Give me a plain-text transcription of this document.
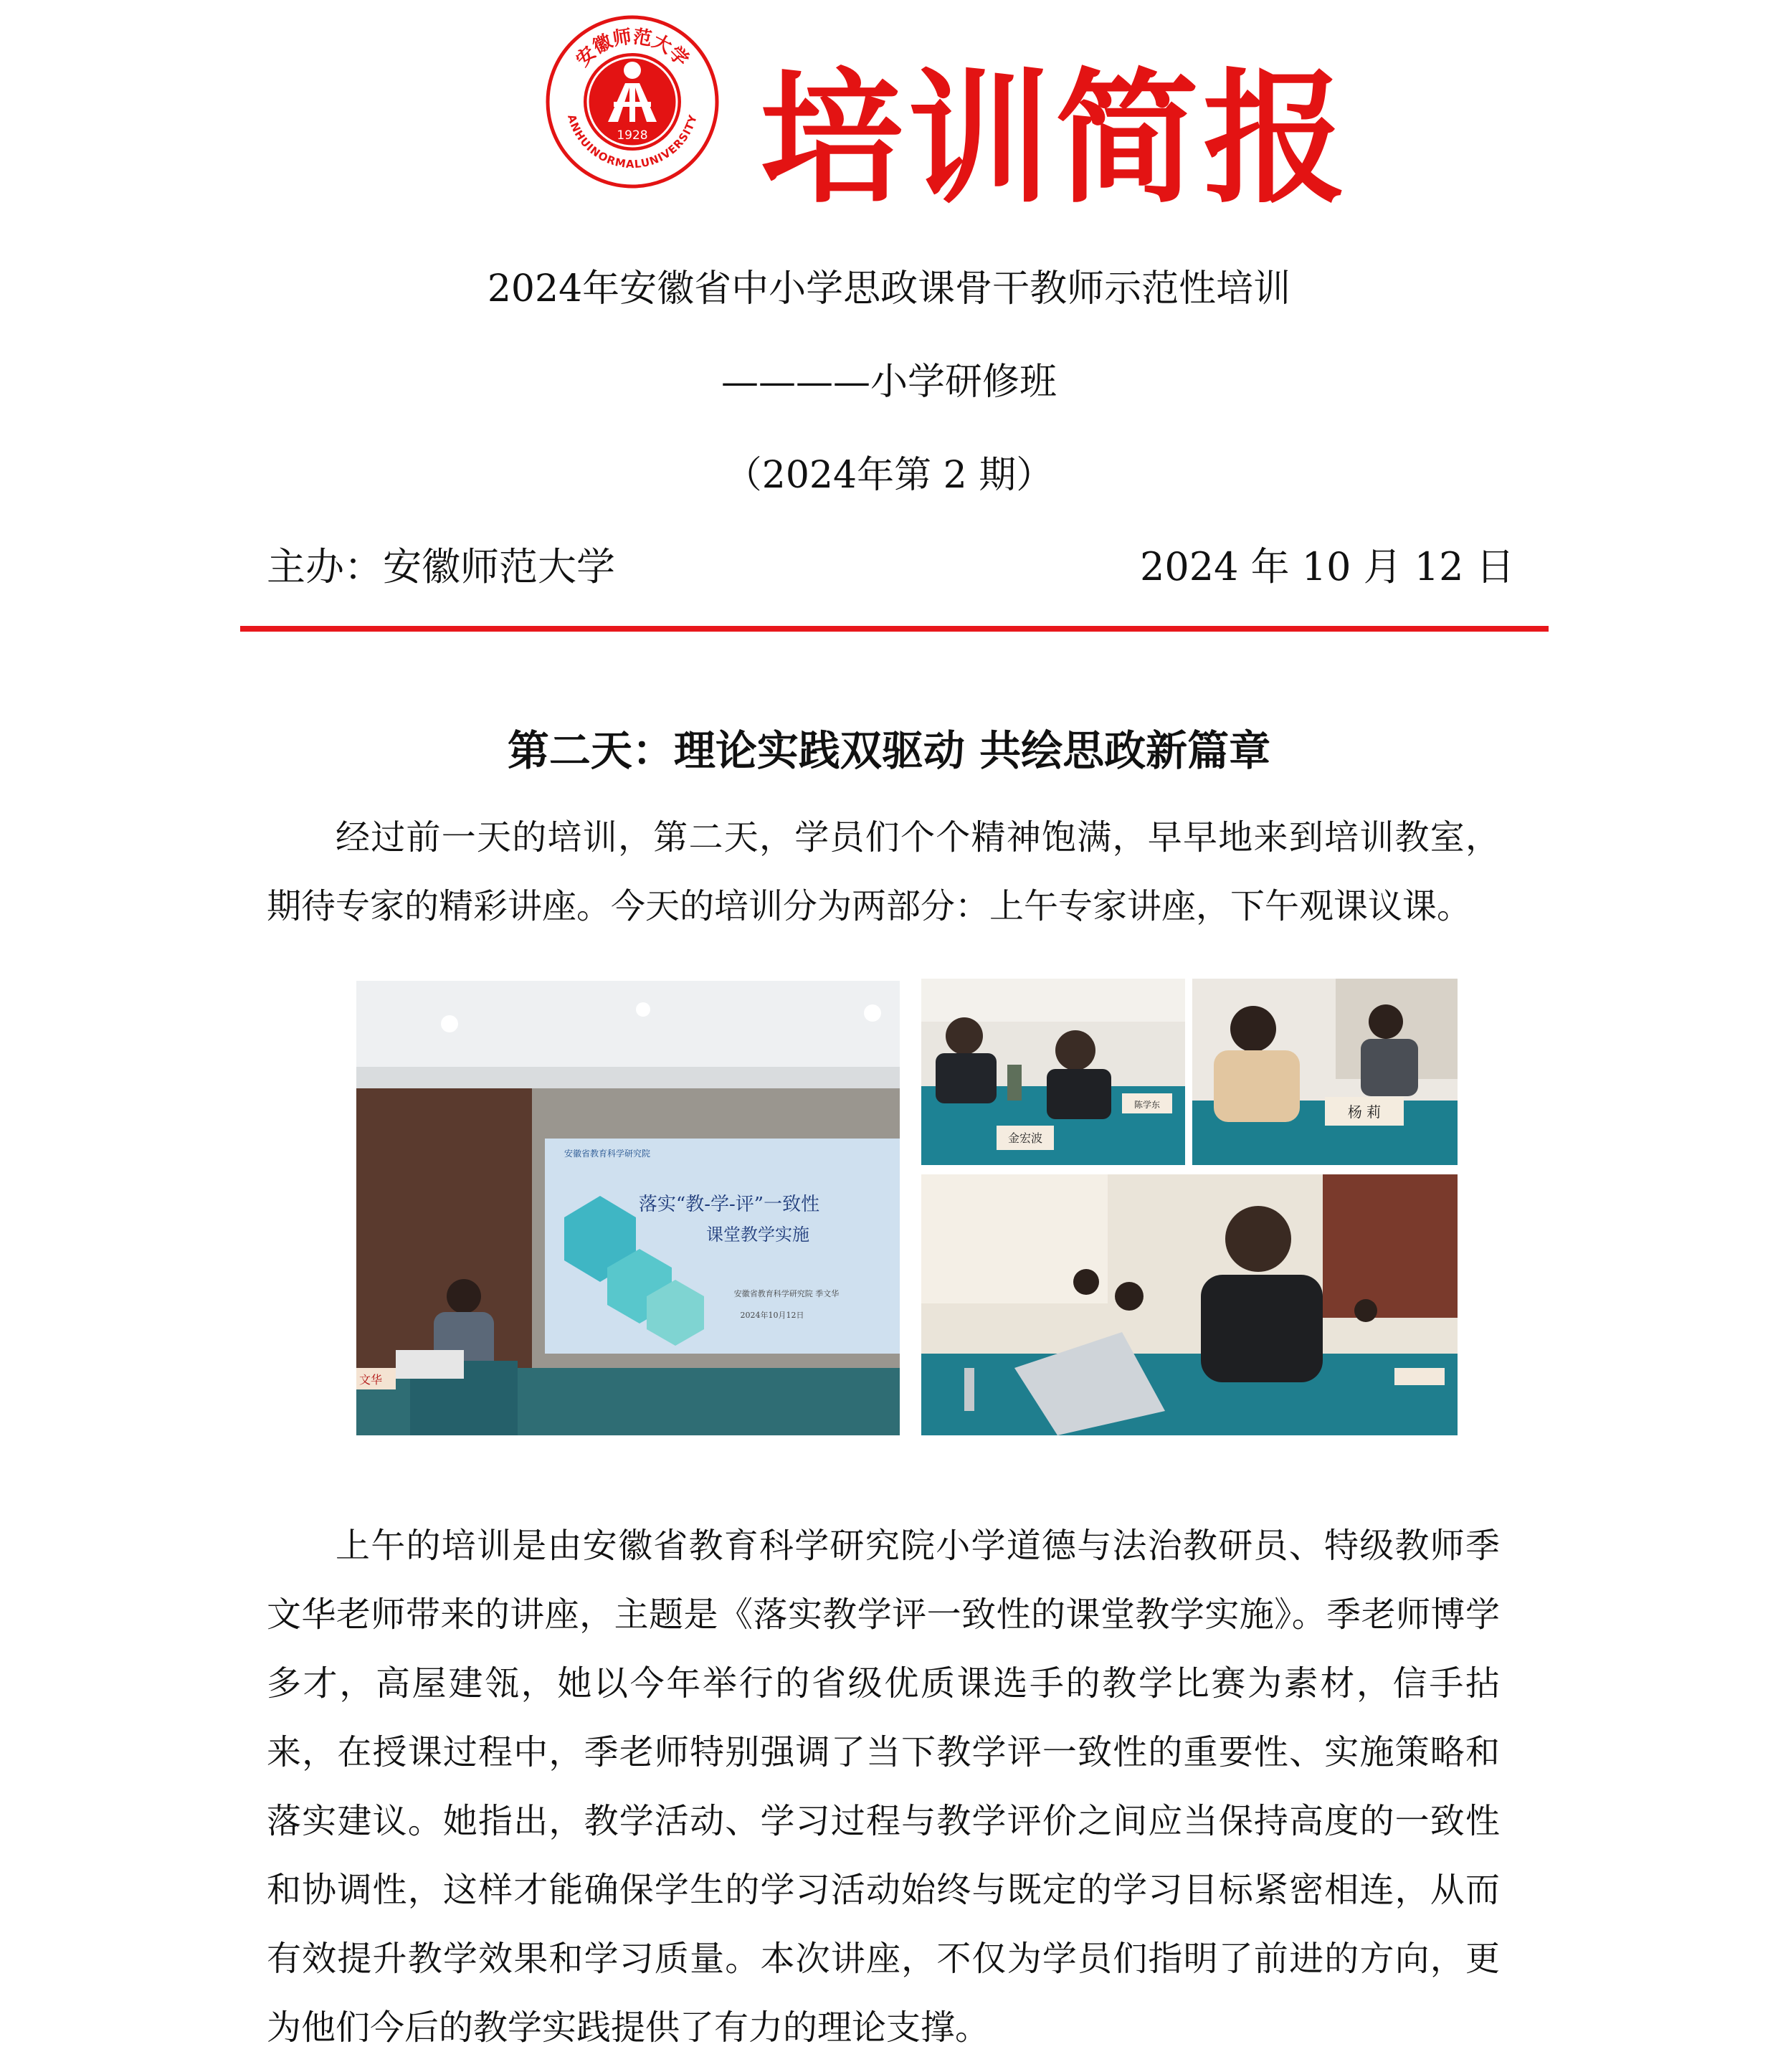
1928
安徽师范大学
ANHUINORMALUNIVERSITY 培训简报
2024年安徽省中小学思政课骨干教师示范性培训
————小学研修班
（2024年第 2 期）
主办：安徽师范大学	2024 年 10 月 12 日
第二天：理论实践双驱动 共绘思政新篇章

经过前一天的培训，第二天，学员们个个精神饱满，早早地来到培训教室，期待专家的精彩讲座。今天的培训分为两部分：上午专家讲座，下午观课议课。

安徽省教育科学研究院
落实“教-学-评”一致性
课堂教学实施
安徽省教育科学研究院 季文华
2024年10月12日
文华
金宏波
陈学东	杨 莉

上午的培训是由安徽省教育科学研究院小学道德与法治教研员、特级教师季文华老师带来的讲座，主题是《落实教学评一致性的课堂教学实施》。季老师博学多才，高屋建瓴，她以今年举行的省级优质课选手的教学比赛为素材，信手拈来，在授课过程中，季老师特别强调了当下教学评一致性的重要性、实施策略和落实建议。她指出，教学活动、学习过程与教学评价之间应当保持高度的一致性和协调性，这样才能确保学生的学习活动始终与既定的学习目标紧密相连，从而有效提升教学效果和学习质量。本次讲座，不仅为学员们指明了前进的方向，更为他们今后的教学实践提供了有力的理论支撑。
